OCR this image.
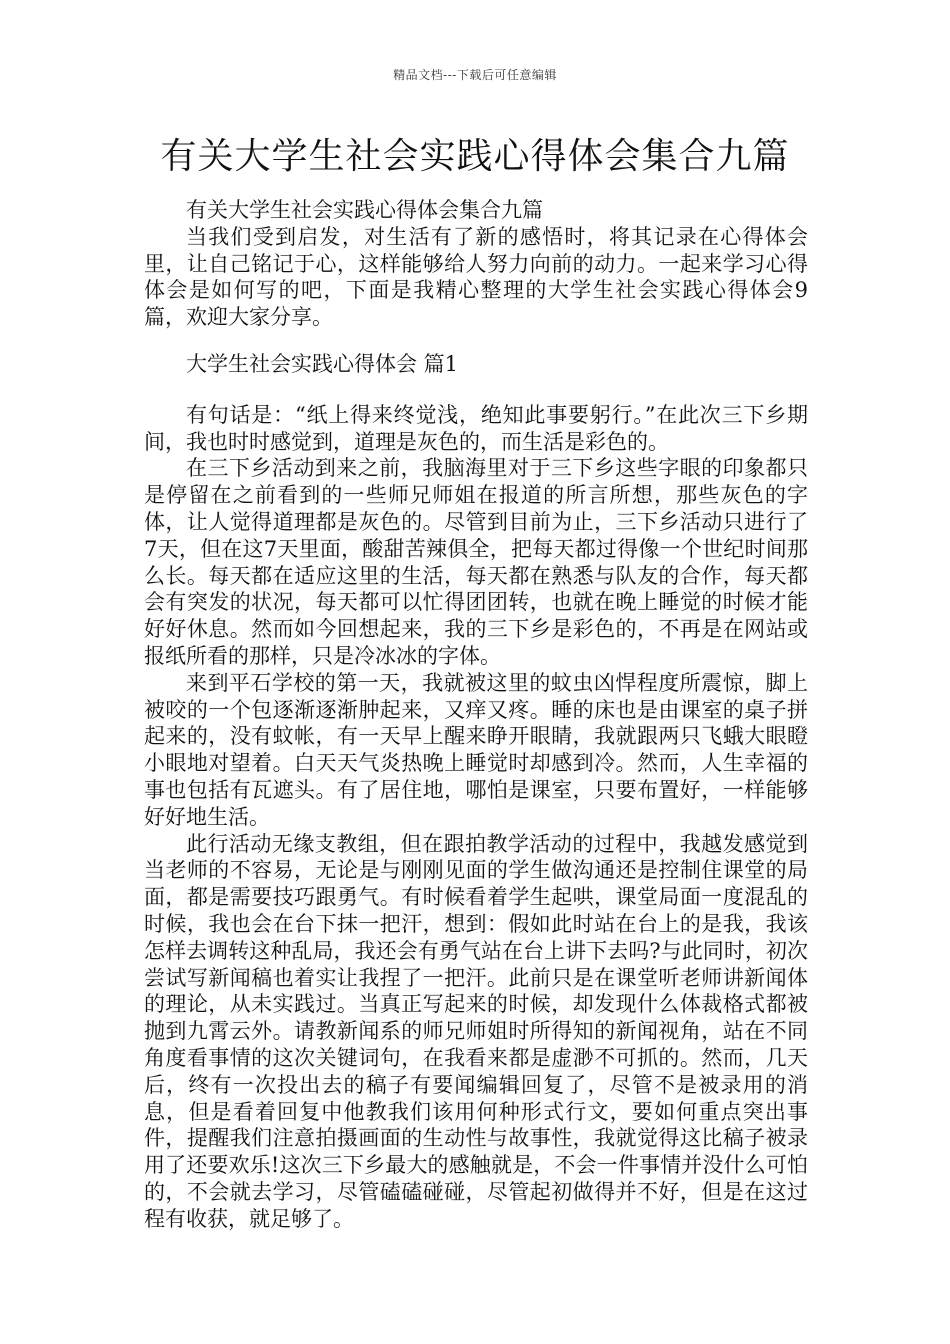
精品文档---下载后可任意编辑
有关大学生社会实践心得体会集合九篇

有关大学生社会实践心得体会集合九篇

当我们受到启发，对生活有了新的感悟时，将其记录在心得体会里，让自己铭记于心，这样能够给人努力向前的动力。一起来学习心得体会是如何写的吧，下面是我精心整理的大学生社会实践心得体会9篇，欢迎大家分享。

大学生社会实践心得体会 篇1

有句话是：“纸上得来终觉浅，绝知此事要躬行。”在此次三下乡期间，我也时时感觉到，道理是灰色的，而生活是彩色的。

在三下乡活动到来之前，我脑海里对于三下乡这些字眼的印象都只是停留在之前看到的一些师兄师姐在报道的所言所想，那些灰色的字体，让人觉得道理都是灰色的。尽管到目前为止，三下乡活动只进行了7天，但在这7天里面，酸甜苦辣俱全，把每天都过得像一个世纪时间那么长。每天都在适应这里的生活，每天都在熟悉与队友的合作，每天都会有突发的状况，每天都可以忙得团团转，也就在晚上睡觉的时候才能好好休息。然而如今回想起来，我的三下乡是彩色的，不再是在网站或报纸所看的那样，只是冷冰冰的字体。

来到平石学校的第一天，我就被这里的蚊虫凶悍程度所震惊，脚上被咬的一个包逐渐逐渐肿起来，又痒又疼。睡的床也是由课室的桌子拼起来的，没有蚊帐，有一天早上醒来睁开眼睛，我就跟两只飞蛾大眼瞪小眼地对望着。白天天气炎热晚上睡觉时却感到冷。然而，人生幸福的事也包括有瓦遮头。有了居住地，哪怕是课室，只要布置好，一样能够好好地生活。

此行活动无缘支教组，但在跟拍教学活动的过程中，我越发感觉到当老师的不容易，无论是与刚刚见面的学生做沟通还是控制住课堂的局面，都是需要技巧跟勇气。有时候看着学生起哄，课堂局面一度混乱的时候，我也会在台下抹一把汗，想到：假如此时站在台上的是我，我该怎样去调转这种乱局，我还会有勇气站在台上讲下去吗?与此同时，初次尝试写新闻稿也着实让我捏了一把汗。此前只是在课堂听老师讲新闻体的理论，从未实践过。当真正写起来的时候，却发现什么体裁格式都被抛到九霄云外。请教新闻系的师兄师姐时所得知的新闻视角，站在不同角度看事情的这次关键词句，在我看来都是虚渺不可抓的。然而，几天后，终有一次投出去的稿子有要闻编辑回复了，尽管不是被录用的消息，但是看着回复中他教我们该用何种形式行文，要如何重点突出事件，提醒我们注意拍摄画面的生动性与故事性，我就觉得这比稿子被录用了还要欢乐!这次三下乡最大的感触就是，不会一件事情并没什么可怕的，不会就去学习，尽管磕磕碰碰，尽管起初做得并不好，但是在这过程有收获，就足够了。
